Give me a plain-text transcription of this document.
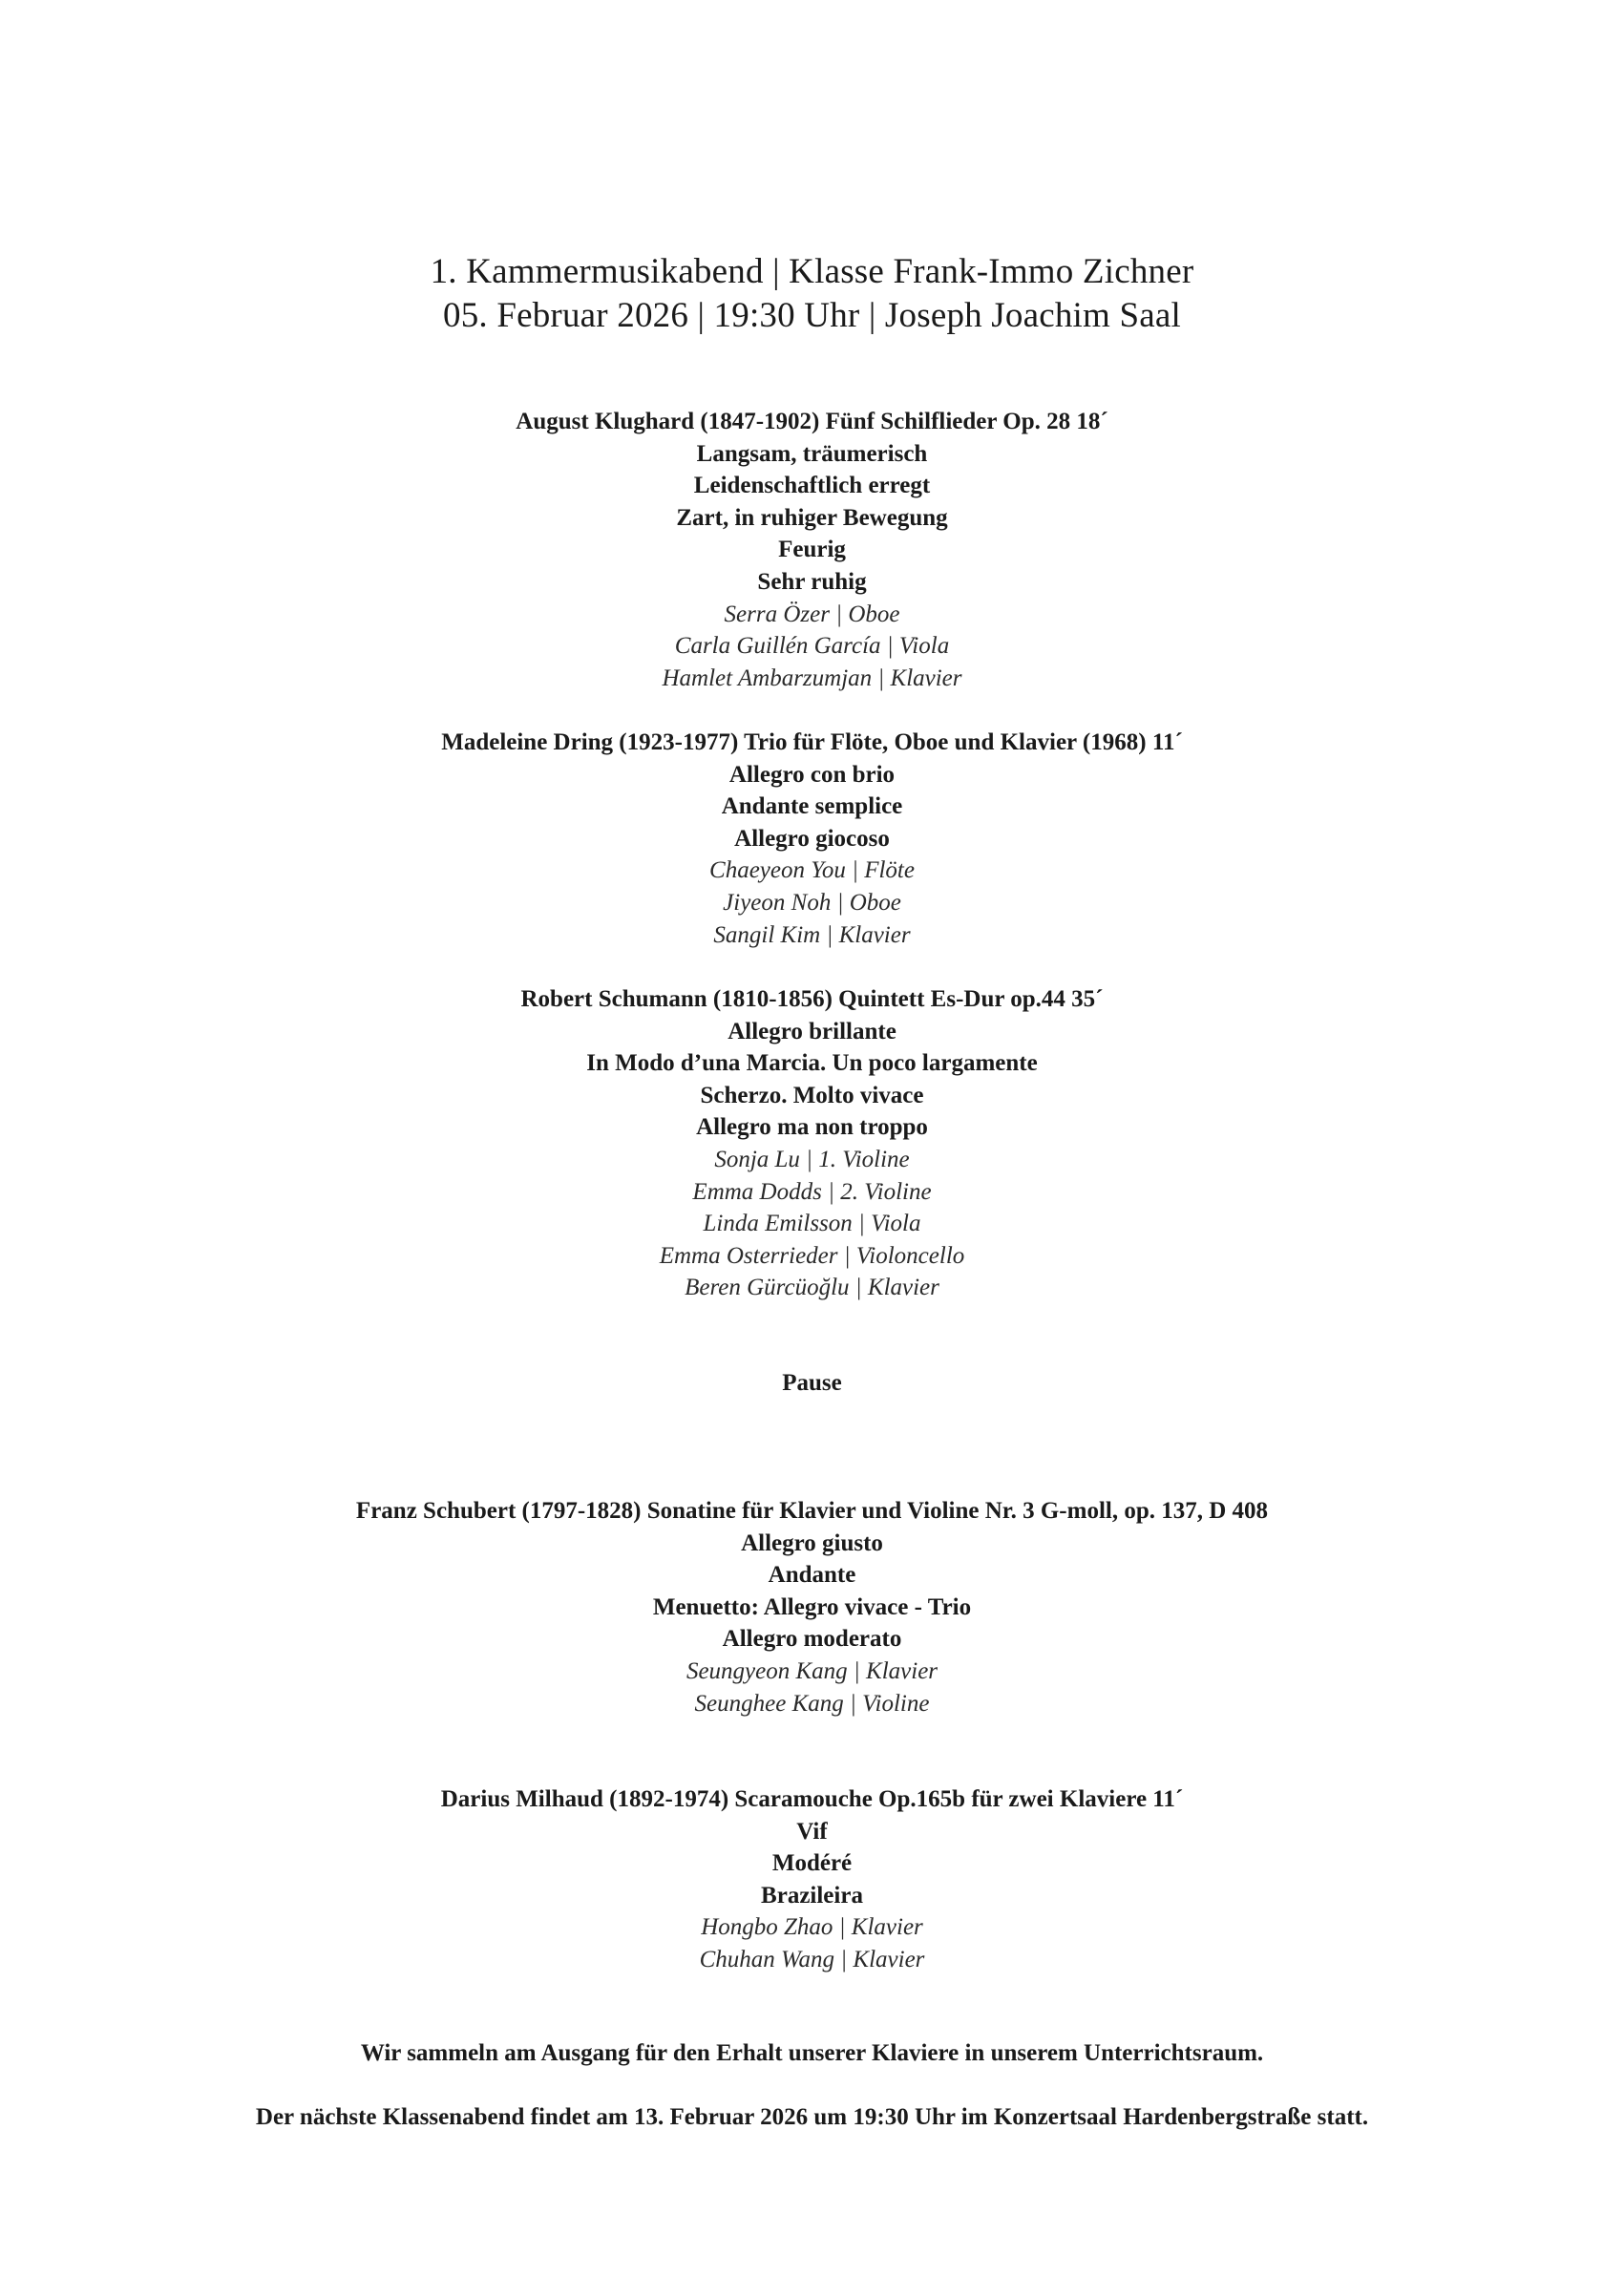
1. Kammermusikabend | Klasse Frank-Immo Zichner
05. Februar 2026 | 19:30 Uhr | Joseph Joachim Saal
August Klughard (1847-1902) Fünf Schilflieder Op. 28 18´
Langsam, träumerisch
Leidenschaftlich erregt
Zart, in ruhiger Bewegung
Feurig
Sehr ruhig
Serra Özer | Oboe
Carla Guillén García | Viola
Hamlet Ambarzumjan | Klavier
Madeleine Dring (1923-1977) Trio für Flöte, Oboe und Klavier (1968) 11´
Allegro con brio
Andante semplice
Allegro giocoso
Chaeyeon You | Flöte
Jiyeon Noh | Oboe
Sangil Kim | Klavier
Robert Schumann (1810-1856) Quintett Es-Dur op.44 35´
Allegro brillante
In Modo d’una Marcia. Un poco largamente
Scherzo. Molto vivace
Allegro ma non troppo
Sonja Lu | 1. Violine
Emma Dodds | 2. Violine
Linda Emilsson | Viola
Emma Osterrieder | Violoncello
Beren Gürcüoğlu | Klavier
Pause
Franz Schubert (1797-1828) Sonatine für Klavier und Violine Nr. 3 G-moll, op. 137, D 408
Allegro giusto
Andante
Menuetto: Allegro vivace - Trio
Allegro moderato
Seungyeon Kang | Klavier
Seunghee Kang | Violine
Darius Milhaud (1892-1974) Scaramouche Op.165b für zwei Klaviere 11´
Vif
Modéré
Brazileira
Hongbo Zhao | Klavier
Chuhan Wang | Klavier
Wir sammeln am Ausgang für den Erhalt unserer Klaviere in unserem Unterrichtsraum.
Der nächste Klassenabend findet am 13. Februar 2026 um 19:30 Uhr im Konzertsaal Hardenbergstraße statt.
